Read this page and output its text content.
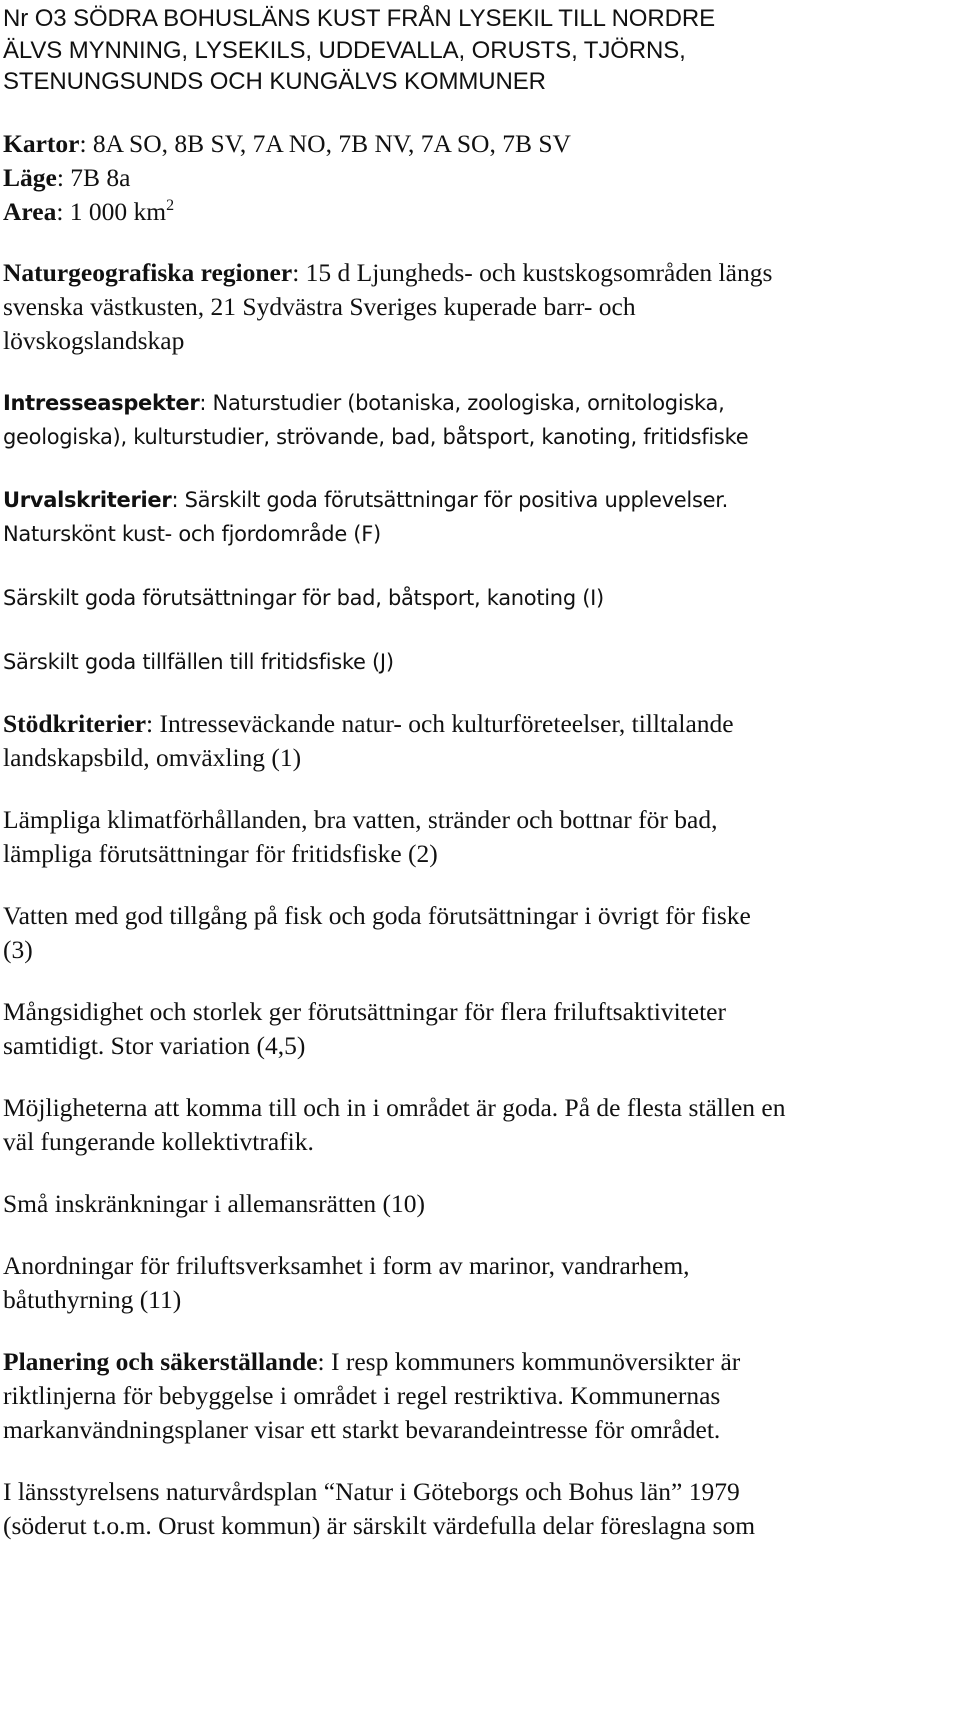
Nr O3 SÖDRA BOHUSLÄNS KUST FRÅN LYSEKIL TILL NORDRE
ÄLVS MYNNING, LYSEKILS, UDDEVALLA, ORUSTS, TJÖRNS,
STENUNGSUNDS OCH KUNGÄLVS KOMMUNER

Kartor: 8A SO, 8B SV, 7A NO, 7B NV, 7A SO, 7B SV

Läge: 7B 8a

Area: 1 000 $km^2$

Naturgeografiska regioner: 15 d Ljungheds- och kustskogsområden längs
svenska västkusten, 21 Sydvästra Sveriges kuperade barr- och
lövskogslandskap

Intresseaspekter: Naturstudier (botaniska, zoologiska, ornitologiska,
geologiska), kulturstudier, strövande, bad, båtsport, kanoting, fritidsfiske

Urvalskriterier: Särskilt goda förutsättningar för positiva upplevelser.
Naturskönt kust- och fjordområde (F)

Särskilt goda förutsättningar för bad, båtsport, kanoting (I)

Särskilt goda tillfällen till fritidsfiske (J)

Stödkriterier: Intresseväckande natur- och kulturföreteelser, tilltalande
landskapsbild, omväxling (1)

Lämpliga klimatförhållanden, bra vatten, stränder och bottnar för bad,
lämpliga förutsättningar för fritidsfiske (2)

Vatten med god tillgång på fisk och goda förutsättningar i övrigt för fiske
(3)

Mångsidighet och storlek ger förutsättningar för flera friluftsaktiviteter
samtidigt. Stor variation (4,5)

Möjligheterna att komma till och in i området är goda. På de flesta ställen en
väl fungerande kollektivtrafik.

Små inskränkningar i allemansrätten (10)

Anordningar för friluftsverksamhet i form av marinor, vandrarhem,
båtuthyrning (11)

Planering och säkerställande: I resp kommuners kommunöversikter är
riktlinjerna för bebyggelse i området i regel restriktiva. Kommunernas
markanvändningsplaner visar ett starkt bevarandeintresse för området.

I länsstyrelsens naturvårdsplan “Natur i Göteborgs och Bohus län” 1979
(söderut t.o.m. Orust kommun) är särskilt värdefulla delar föreslagna som
